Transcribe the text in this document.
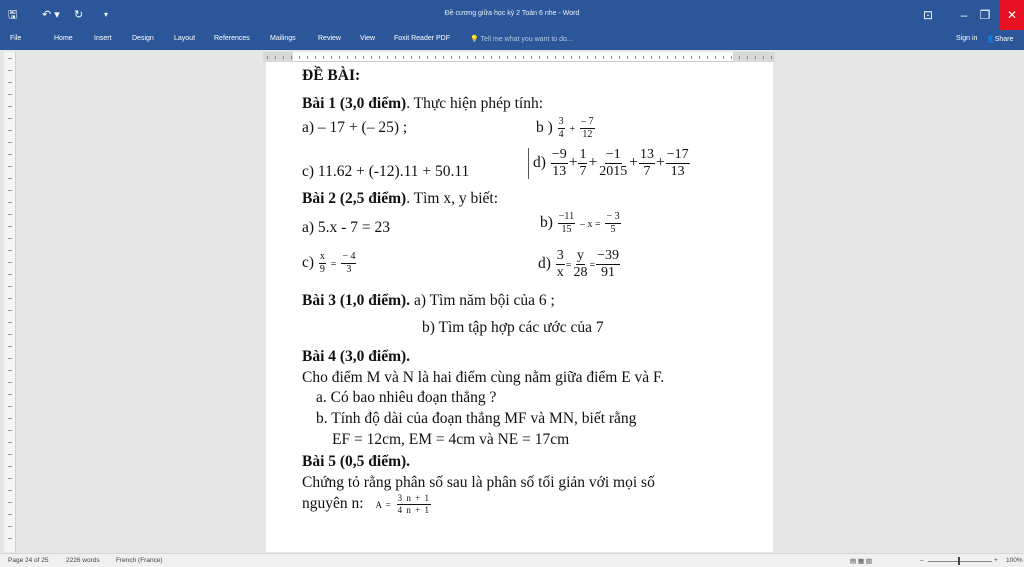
🖫 ↶ ▾ ↻	▾	Đề cương giữa học kỳ 2 Toán 6 nhe - Word	⊡	–	❐	✕
File	Home	Insert	Design	Layout	References	Mailings	Review	View	Foxit Reader PDF	💡 Tell me what you want to do...	Sign in 👤Share
ĐỀ BÀI:
Bài 1 (3,0 điểm). Thực hiện phép tính:
a) – 17 + (– 25) ;	b ) $\frac{3}{4} + \frac{- 7}{12}$
c) 11.62 + (-12).11 + 50.11
$d) \frac{-9}{13} + \frac{1}{7} + \frac{-1}{2015} + \frac{13}{7} + \frac{-17}{13}$
Bài 2 (2,5 điểm). Tìm x, y biết:
a) 5.x - 7 = 23	$b) \frac{-11}{15} - x = \frac{- 3}{5}$
$c) \frac{x}{9} = \frac{- 4}{3}$	$d) \frac{3}{x} = \frac{y}{28} = \frac{-39}{91}$
Bài 3 (1,0 điểm). a) Tìm năm bội của 6 ;
b) Tìm tập hợp các ước của 7
Bài 4 (3,0 điểm).
Cho điểm M và N là hai điểm cùng nằm giữa điểm E và F.
a. Có bao nhiêu đoạn thẳng ?
b. Tính độ dài của đoạn thẳng MF và MN, biết rằng
EF = 12cm, EM = 4cm và NE = 17cm
Bài 5 (0,5 điểm).
Chứng tỏ rằng phân số sau là phân số tối giản với mọi số
nguyên n: $A = \frac{3 n + 1}{4 n + 1}$
Page 24 of 25	2226 words	French (France)	▤ ▦ ▧	–	+ 100%
